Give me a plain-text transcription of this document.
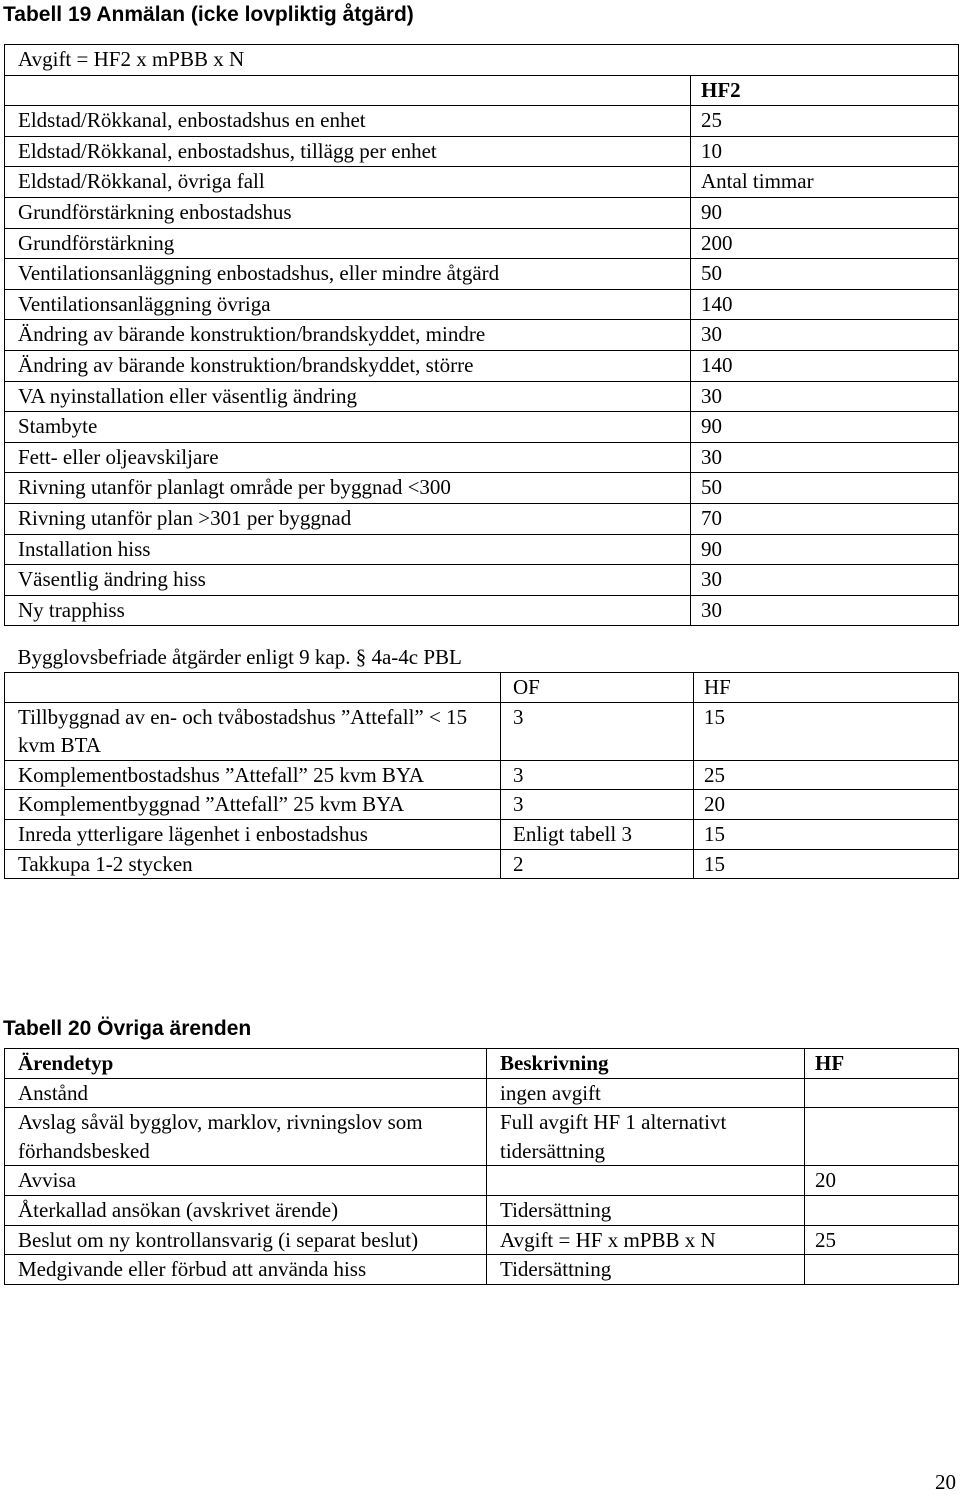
Tabell 19 Anmälan (icke lovpliktig åtgärd)
Avgift = HF2 x mPBB x N	
	HF2
Eldstad/Rökkanal, enbostadshus en enhet	25
Eldstad/Rökkanal, enbostadshus, tillägg per enhet	10
Eldstad/Rökkanal, övriga fall	Antal timmar
Grundförstärkning enbostadshus	90
Grundförstärkning	200
Ventilationsanläggning enbostadshus, eller mindre åtgärd	50
Ventilationsanläggning övriga	140
Ändring av bärande konstruktion/brandskyddet, mindre	30
Ändring av bärande konstruktion/brandskyddet, större	140
VA nyinstallation eller väsentlig ändring	30
Stambyte	90
Fett- eller oljeavskiljare	30
Rivning utanför planlagt område per byggnad <300	50
Rivning utanför plan >301 per byggnad	70
Installation hiss	90
Väsentlig ändring hiss	30
Ny trapphiss	30
Bygglovsbefriade åtgärder enligt 9 kap. § 4a-4c PBL		
	OF	HF
Tillbyggnad av en- och tvåbostadshus ”Attefall” < 15 kvm BTA	3	15
Komplementbostadshus ”Attefall” 25 kvm BYA	3	25
Komplementbyggnad ”Attefall” 25 kvm BYA	3	20
Inreda ytterligare lägenhet i enbostadshus	Enligt tabell 3	15
Takkupa 1-2 stycken	2	15
Tabell 20 Övriga ärenden
Ärendetyp	Beskrivning	HF
Anstånd	ingen avgift	
Avslag såväl bygglov, marklov, rivningslov som förhandsbesked	Full avgift HF 1 alternativt tidersättning	
Avvisa		20
Återkallad ansökan (avskrivet ärende)	Tidersättning	
Beslut om ny kontrollansvarig (i separat beslut)	Avgift = HF x mPBB x N	25
Medgivande eller förbud att använda hiss	Tidersättning	
20
